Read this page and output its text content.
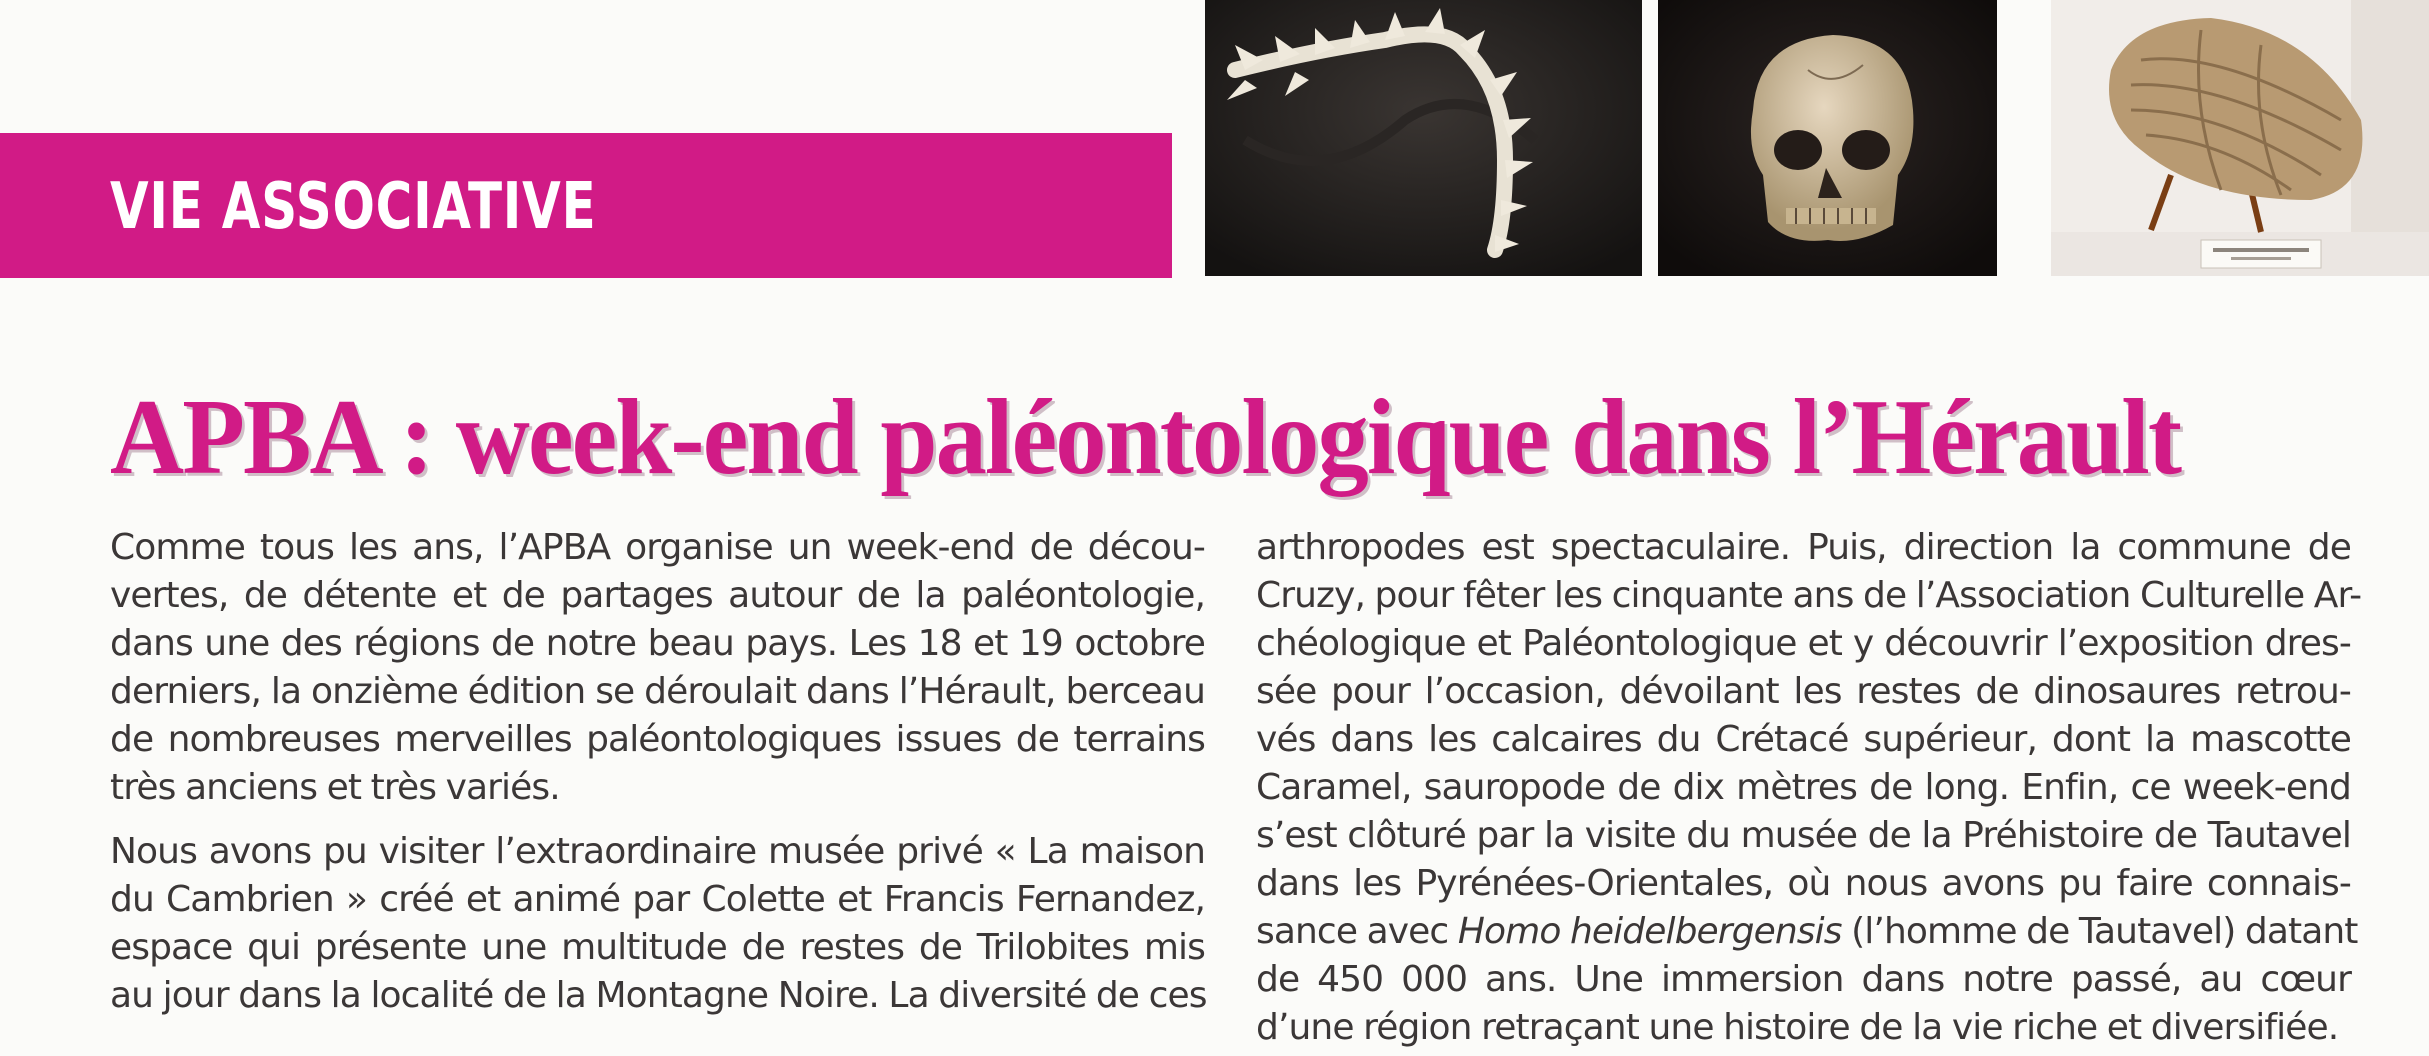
VIE ASSOCIATIVE
APBA : week-end paléontologique dans l’Hérault

Comme tous les ans, l’APBA organise un week-end de décou-
vertes, de détente et de partages autour de la paléontologie,
dans une des régions de notre beau pays. Les 18 et 19 octobre
derniers, la onzième édition se déroulait dans l’Hérault, berceau
de nombreuses merveilles paléontologiques issues de terrains
très anciens et très variés.

Nous avons pu visiter l’extraordinaire musée privé « La maison
du Cambrien » créé et animé par Colette et Francis Fernandez,
espace qui présente une multitude de restes de Trilobites mis
au jour dans la localité de la Montagne Noire. La diversité de ces

arthropodes est spectaculaire. Puis, direction la commune de
Cruzy, pour fêter les cinquante ans de l’Association Culturelle Ar-
chéologique et Paléontologique et y découvrir l’exposition dres-
sée pour l’occasion, dévoilant les restes de dinosaures retrou-
vés dans les calcaires du Crétacé supérieur, dont la mascotte
Caramel, sauropode de dix mètres de long. Enfin, ce week-end
s’est clôturé par la visite du musée de la Préhistoire de Tautavel
dans les Pyrénées-Orientales, où nous avons pu faire connais-
sance avec Homo heidelbergensis (l’homme de Tautavel) datant
de 450 000 ans. Une immersion dans notre passé, au cœur
d’une région retraçant une histoire de la vie riche et diversifiée.
